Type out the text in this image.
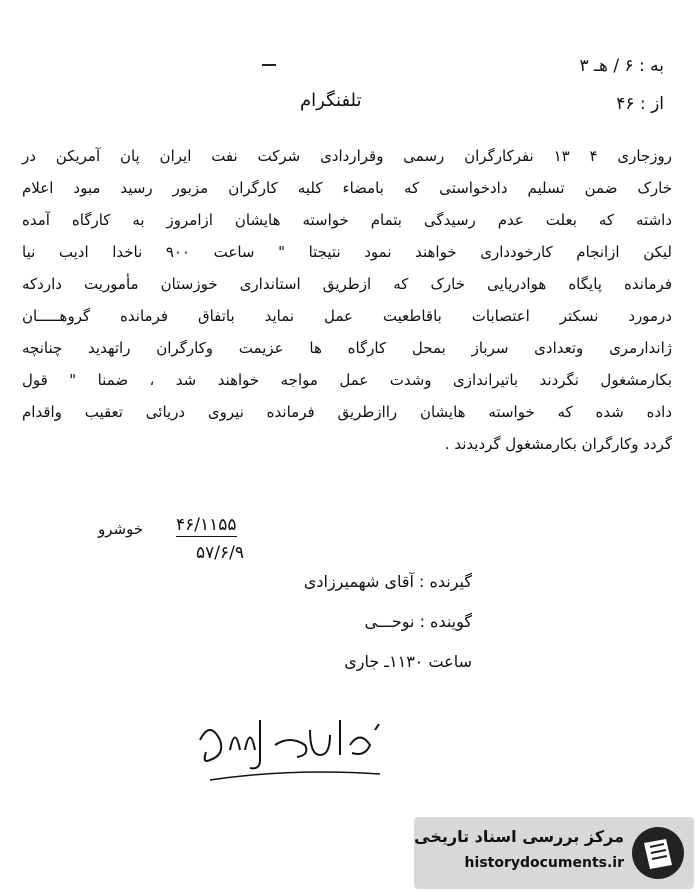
به : ۶ / هـ ۳
از : ۴۶
تلفنگرام
روزجاری ۴ ۱۳ نفرکارگران رسمی وقراردادی شرکت نفت ایران پان آمریکن در
خارک ضمن تسلیم دادخواستی که بامضاء کلیه کارگران مزبور رسید مبود اعلام
داشته که بعلت عدم رسیدگی بتمام خواسته هایشان ازامروز به کارگاه آمده
لیکن ازانجام کارخودداری خواهند نمود نتیجتا " ساعت ۹۰۰ ناخدا ادیب نیا
فرمانده پایگاه هوادریایی خارک که ازطریق استانداری خوزستان مأموریت داردکه
درمورد نسکتر اعتصابات باقاطعیت عمل نماید باتفاق فرمانده گروهـــــان
ژاندارمری وتعدادی سرباز بمحل کارگاه ها عزیمت وکارگران راتهدید چنانچه
بکارمشغول نگردند باتیراندازی وشدت عمل مواجه خواهند شد ، ضمنا " قول
داده شده که خواسته هایشان راازطریق فرمانده نیروی دریائی تعقیب واقدام
گردد وکارگران بکارمشغول گردیدند .
۴۶/۱۱۵۵
۵۷/۶/۹
خوشرو
گیرنده : آقای شهمیرزادی
گوینده : نوحـــی
ساعت ۱۱۳۰ـ جاری
مرکز بررسی اسناد تاریخی
historydocuments.ir
